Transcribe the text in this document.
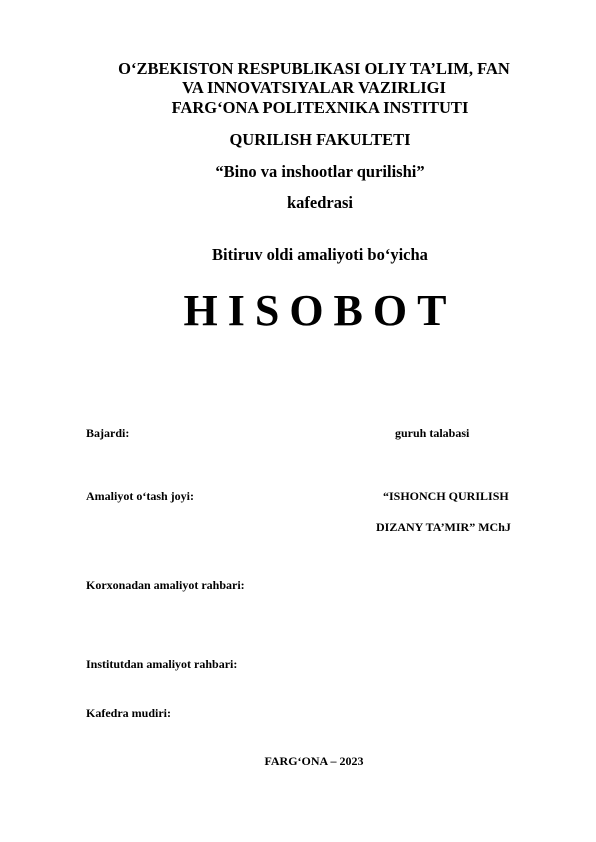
O‘ZBEKISTON RESPUBLIKASI OLIY TA’LIM, FAN
VA INNOVATSIYALAR VAZIRLIGI
FARG‘ONA POLITEXNIKA INSTITUTI
QURILISH FAKULTETI
“Bino va inshootlar qurilishi”
kafedrasi
Bitiruv oldi amaliyoti bo‘yicha
HISOBOT
Bajardi:	guruh talabasi
Amaliyot o‘tash joyi:	“ISHONCH QURILISH
DIZANY TA’MIR” MChJ
Korxonadan amaliyot rahbari:
Institutdan amaliyot rahbari:
Kafedra mudiri:
FARG‘ONA – 2023
